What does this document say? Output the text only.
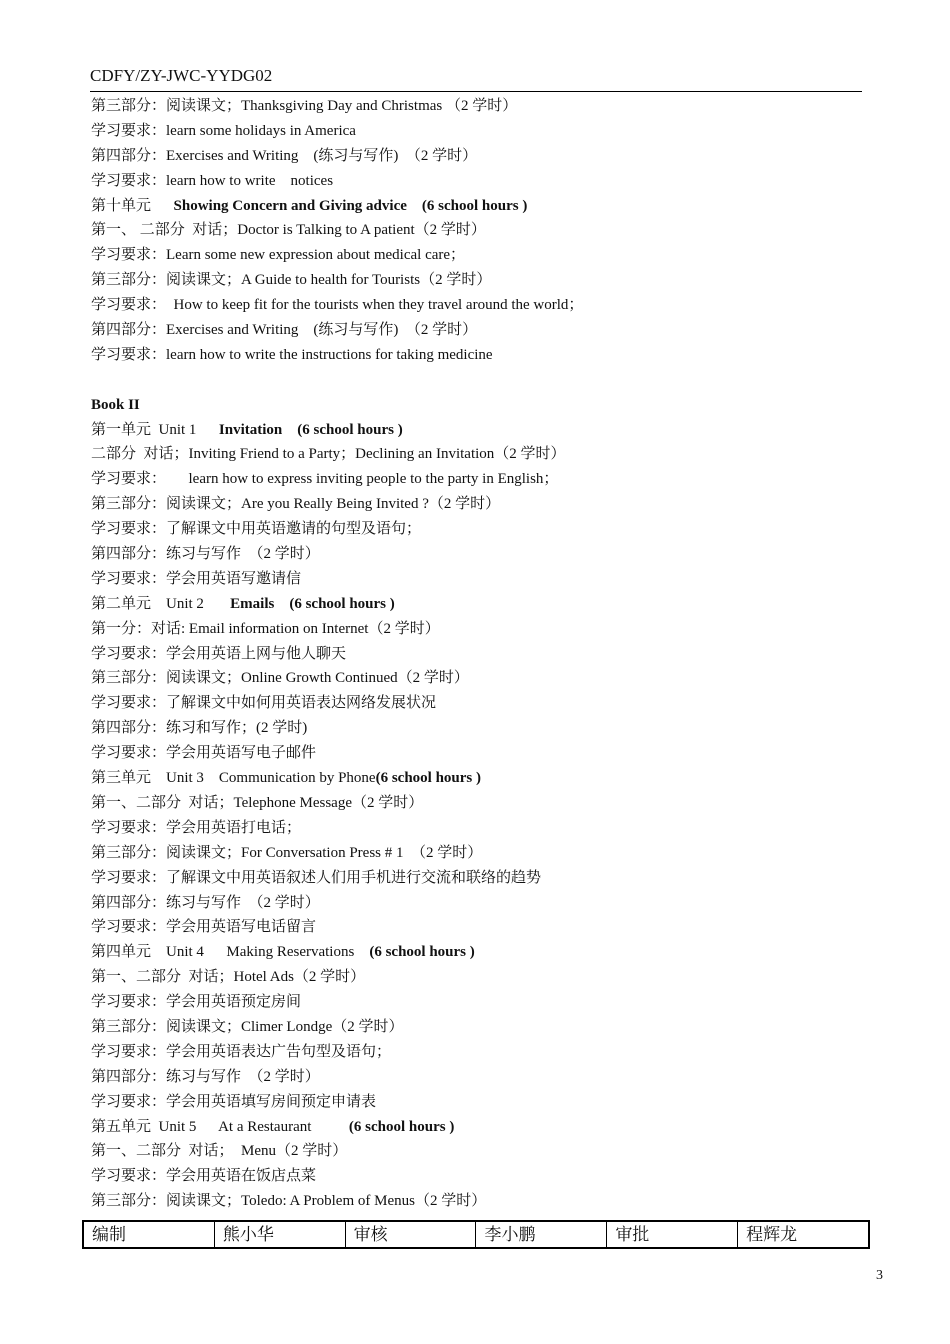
CDFY/ZY-JWC-YYDG02
第三部分：阅读课文；Thanksgiving Day and Christmas （2 学时）
学习要求：learn some holidays in America
第四部分：Exercises and Writing    (练习与写作)  （2 学时）
学习要求：learn how to write    notices
第十单元      Showing Concern and Giving advice    (6 school hours )
第一、 二部分  对话；Doctor is Talking to A patient（2 学时）
学习要求：Learn some new expression about medical care；
第三部分：阅读课文；A Guide to health for Tourists（2 学时）
学习要求：  How to keep fit for the tourists when they travel around the world；
第四部分：Exercises and Writing    (练习与写作)  （2 学时）
学习要求：learn how to write the instructions for taking medicine
Book II
第一单元  Unit 1      Invitation    (6 school hours )
二部分  对话；Inviting Friend to a Party；Declining an Invitation（2 学时）
学习要求：      learn how to express inviting people to the party in English；
第三部分：阅读课文；Are you Really Being Invited ?（2 学时）
学习要求：了解课文中用英语邀请的句型及语句；
第四部分：练习与写作  （2 学时）
学习要求：学会用英语写邀请信
第二单元    Unit 2       Emails    (6 school hours )
第一分：对话: Email information on Internet（2 学时）
学习要求：学会用英语上网与他人聊天
第三部分：阅读课文；Online Growth Continued（2 学时）
学习要求：了解课文中如何用英语表达网络发展状况
第四部分：练习和写作；(2 学时)
学习要求：学会用英语写电子邮件
第三单元    Unit 3    Communication by Phone(6 school hours )
第一、二部分  对话；Telephone Message（2 学时）
学习要求：学会用英语打电话；
第三部分：阅读课文；For Conversation Press # 1  （2 学时）
学习要求：了解课文中用英语叙述人们用手机进行交流和联络的趋势
第四部分：练习与写作  （2 学时）
学习要求：学会用英语写电话留言
第四单元    Unit 4      Making Reservations    (6 school hours )
第一、二部分  对话；Hotel Ads（2 学时）
学习要求：学会用英语预定房间
第三部分：阅读课文；Climer Londge（2 学时）
学习要求：学会用英语表达广告句型及语句；
第四部分：练习与写作  （2 学时）
学习要求：学会用英语填写房间预定申请表
第五单元  Unit 5      At a Restaurant          (6 school hours )
第一、二部分  对话；  Menu（2 学时）
学习要求：学会用英语在饭店点菜
第三部分：阅读课文；Toledo: A Problem of Menus（2 学时）
编制	熊小华	审核	李小鹏	审批	程辉龙
3
